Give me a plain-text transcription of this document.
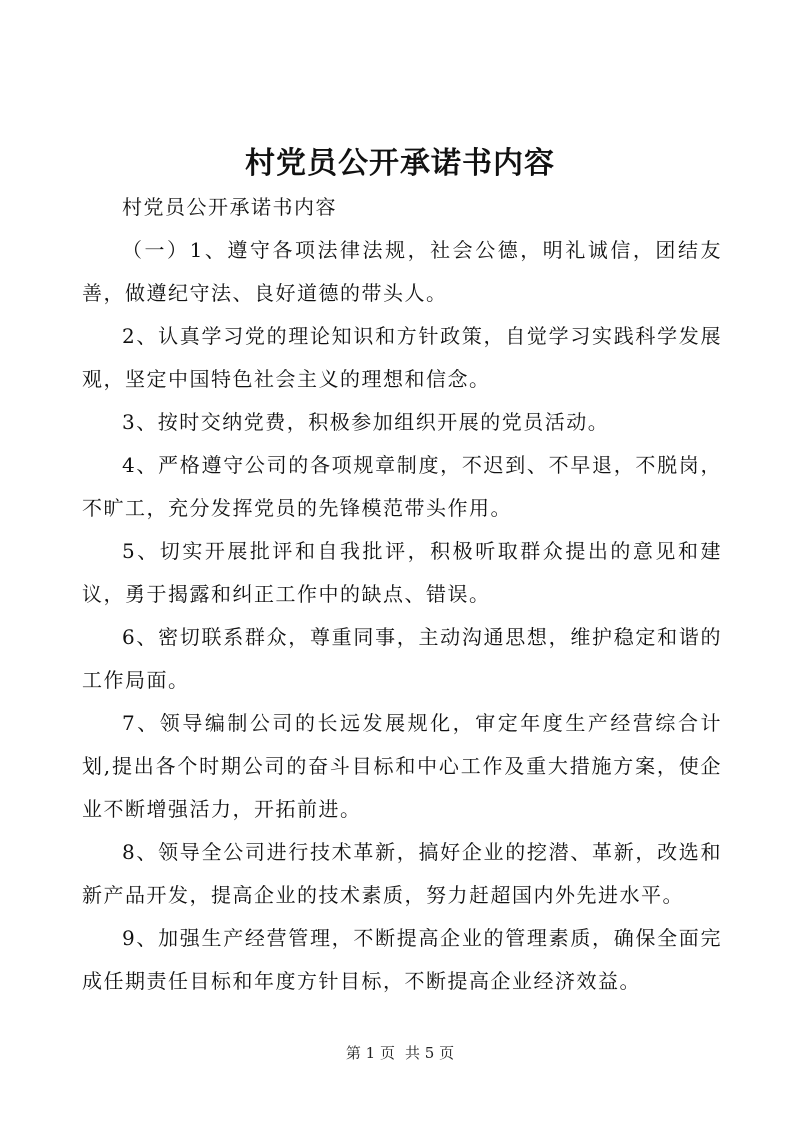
村党员公开承诺书内容

村党员公开承诺书内容

（一）1、遵守各项法律法规，社会公德，明礼诚信，团结友善，做遵纪守法、良好道德的带头人。

2、认真学习党的理论知识和方针政策，自觉学习实践科学发展观，坚定中国特色社会主义的理想和信念。

3、按时交纳党费，积极参加组织开展的党员活动。

4、严格遵守公司的各项规章制度，不迟到、不早退，不脱岗，不旷工，充分发挥党员的先锋模范带头作用。

5、切实开展批评和自我批评，积极听取群众提出的意见和建议，勇于揭露和纠正工作中的缺点、错误。

6、密切联系群众，尊重同事，主动沟通思想，维护稳定和谐的工作局面。

7、领导编制公司的长远发展规化，审定年度生产经营综合计划,提出各个时期公司的奋斗目标和中心工作及重大措施方案，使企业不断增强活力，开拓前进。

8、领导全公司进行技术革新，搞好企业的挖潜、革新，改选和新产品开发，提高企业的技术素质，努力赶超国内外先进水平。

9、加强生产经营管理，不断提高企业的管理素质，确保全面完成任期责任目标和年度方针目标，不断提高企业经济效益。

第 1 页 共 5 页
